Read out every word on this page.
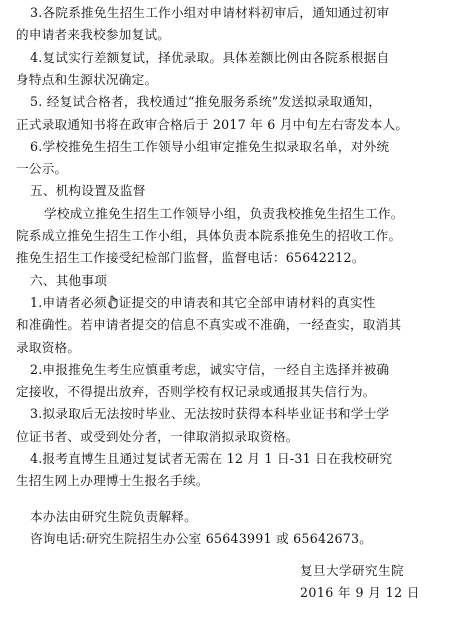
3.各院系推免生招生工作小组对申请材料初审后，通知通过初审
的申请者来我校参加复试。
4.复试实行差额复试，择优录取。具体差额比例由各院系根据自
身特点和生源状况确定。
5. 经复试合格者，我校通过“推免服务系统”发送拟录取通知，
正式录取通知书将在政审合格后于 2017 年 6 月中旬左右寄发本人。
6.学校推免生招生工作领导小组审定推免生拟录取名单，对外统
一公示。
五、机构设置及监督
学校成立推免生招生工作领导小组，负责我校推免生招生工作。
院系成立推免生招生工作小组，具体负责本院系推免生的招收工作。
推免生招生工作接受纪检部门监督，监督电话：65642212。
六、其他事项
1.申请者必须 证提交的申请表和其它全部申请材料的真实性
和准确性。若申请者提交的信息不真实或不准确，一经查实，取消其
录取资格。
2.申报推免生考生应慎重考虑，诚实守信，一经自主选择并被确
定接收，不得提出放弃，否则学校有权记录或通报其失信行为。
3.拟录取后无法按时毕业、无法按时获得本科毕业证书和学士学
位证书者、或受到处分者，一律取消拟录取资格。
4.报考直博生且通过复试者无需在 12 月 1 日-31 日在我校研究
生招生网上办理博士生报名手续。
本办法由研究生院负责解释。
咨询电话:研究生院招生办公室 65643991 或 65642673。
复旦大学研究生院
2016 年 9 月 12 日
